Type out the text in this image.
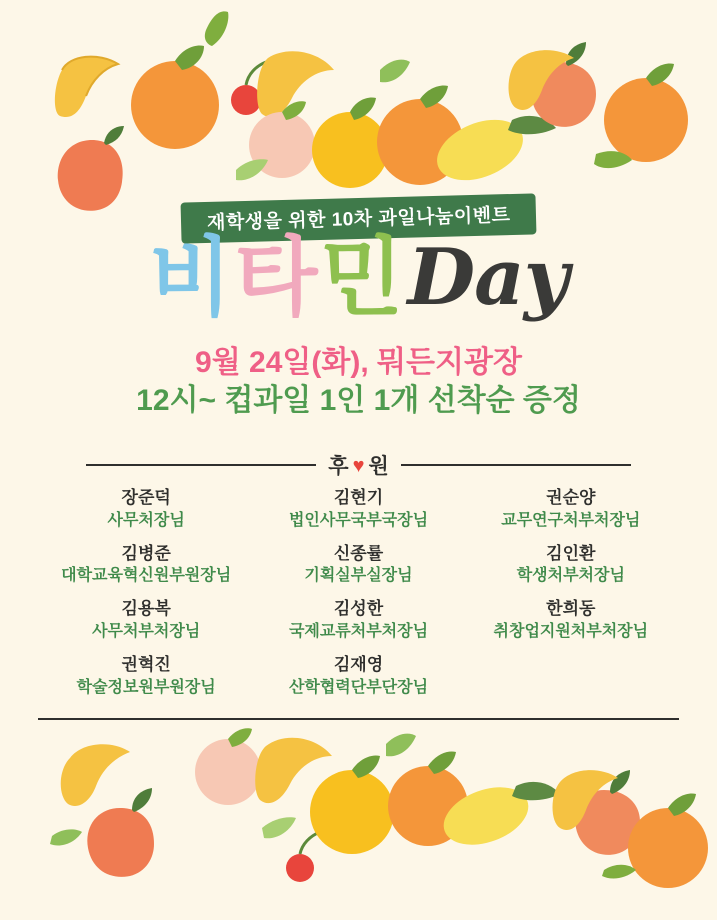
재학생을 위한 10차 과일나눔이벤트
비 타 민 Day
9월 24일(화), 뭐든지광장
12시~ 컵과일 1인 1개 선착순 증정
후 ♥ 원
장준덕
사무처장님
김현기
법인사무국부국장님
권순양
교무연구처부처장님
김병준
대학교육혁신원부원장님
신종률
기획실부실장님
김인환
학생처부처장님
김용복
사무처부처장님
김성한
국제교류처부처장님
한희동
취창업지원처부처장님
권혁진
학술정보원부원장님
김재영
산학협력단부단장님
